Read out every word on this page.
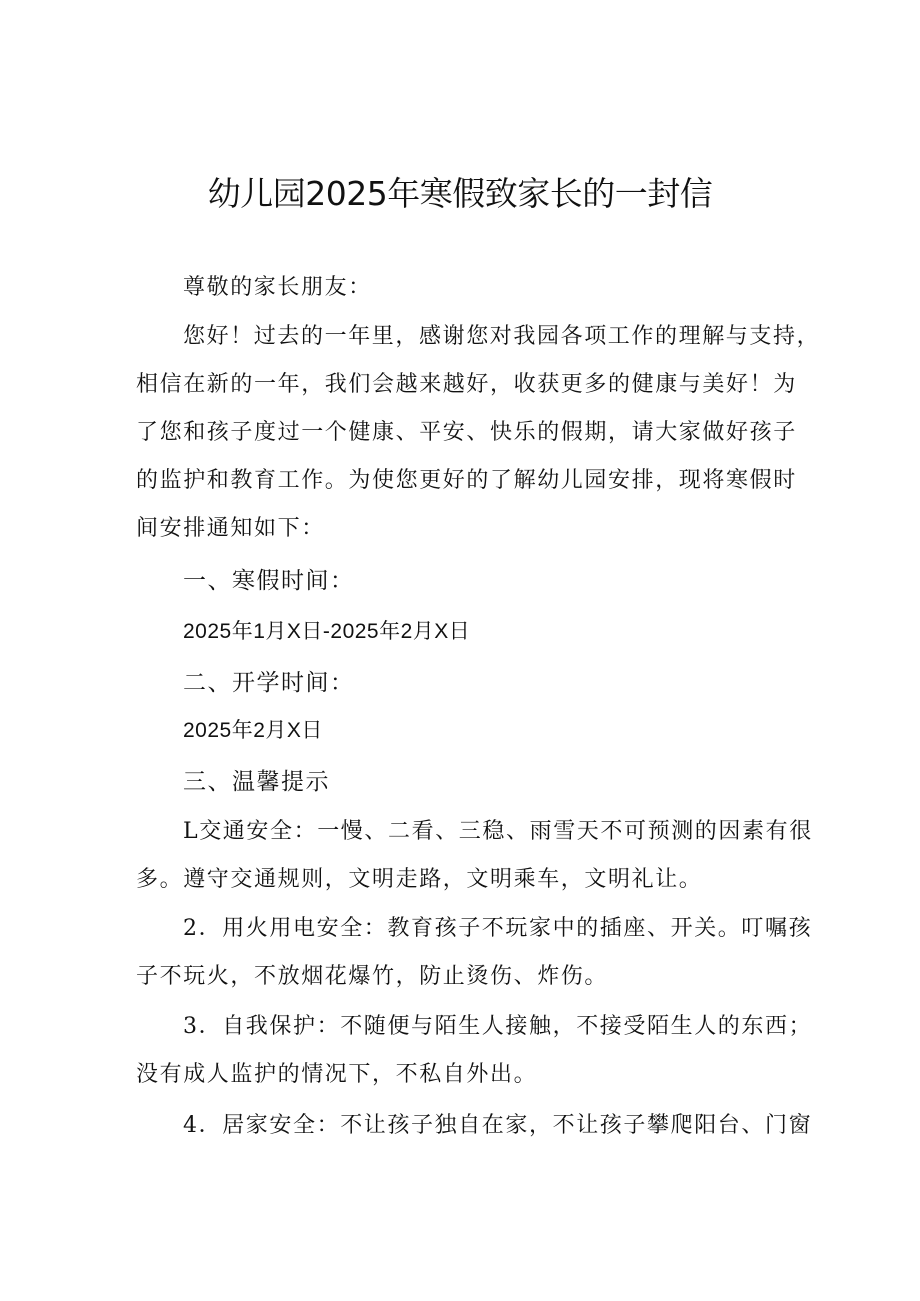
幼儿园2025年寒假致家长的一封信
尊敬的家长朋友：
您好！过去的一年里，感谢您对我园各项工作的理解与支持，
相信在新的一年，我们会越来越好，收获更多的健康与美好！为
了您和孩子度过一个健康、平安、快乐的假期，请大家做好孩子
的监护和教育工作。为使您更好的了解幼儿园安排，现将寒假时
间安排通知如下：
一、寒假时间：
2025年1月X日-2025年2月X日
二、开学时间：
2025年2月X日
三、温馨提示
L交通安全：一慢、二看、三稳、雨雪天不可预测的因素有很
多。遵守交通规则，文明走路，文明乘车，文明礼让。
2．用火用电安全：教育孩子不玩家中的插座、开关。叮嘱孩
子不玩火，不放烟花爆竹，防止烫伤、炸伤。
3．自我保护：不随便与陌生人接触，不接受陌生人的东西；
没有成人监护的情况下，不私自外出。
4．居家安全：不让孩子独自在家，不让孩子攀爬阳台、门窗
